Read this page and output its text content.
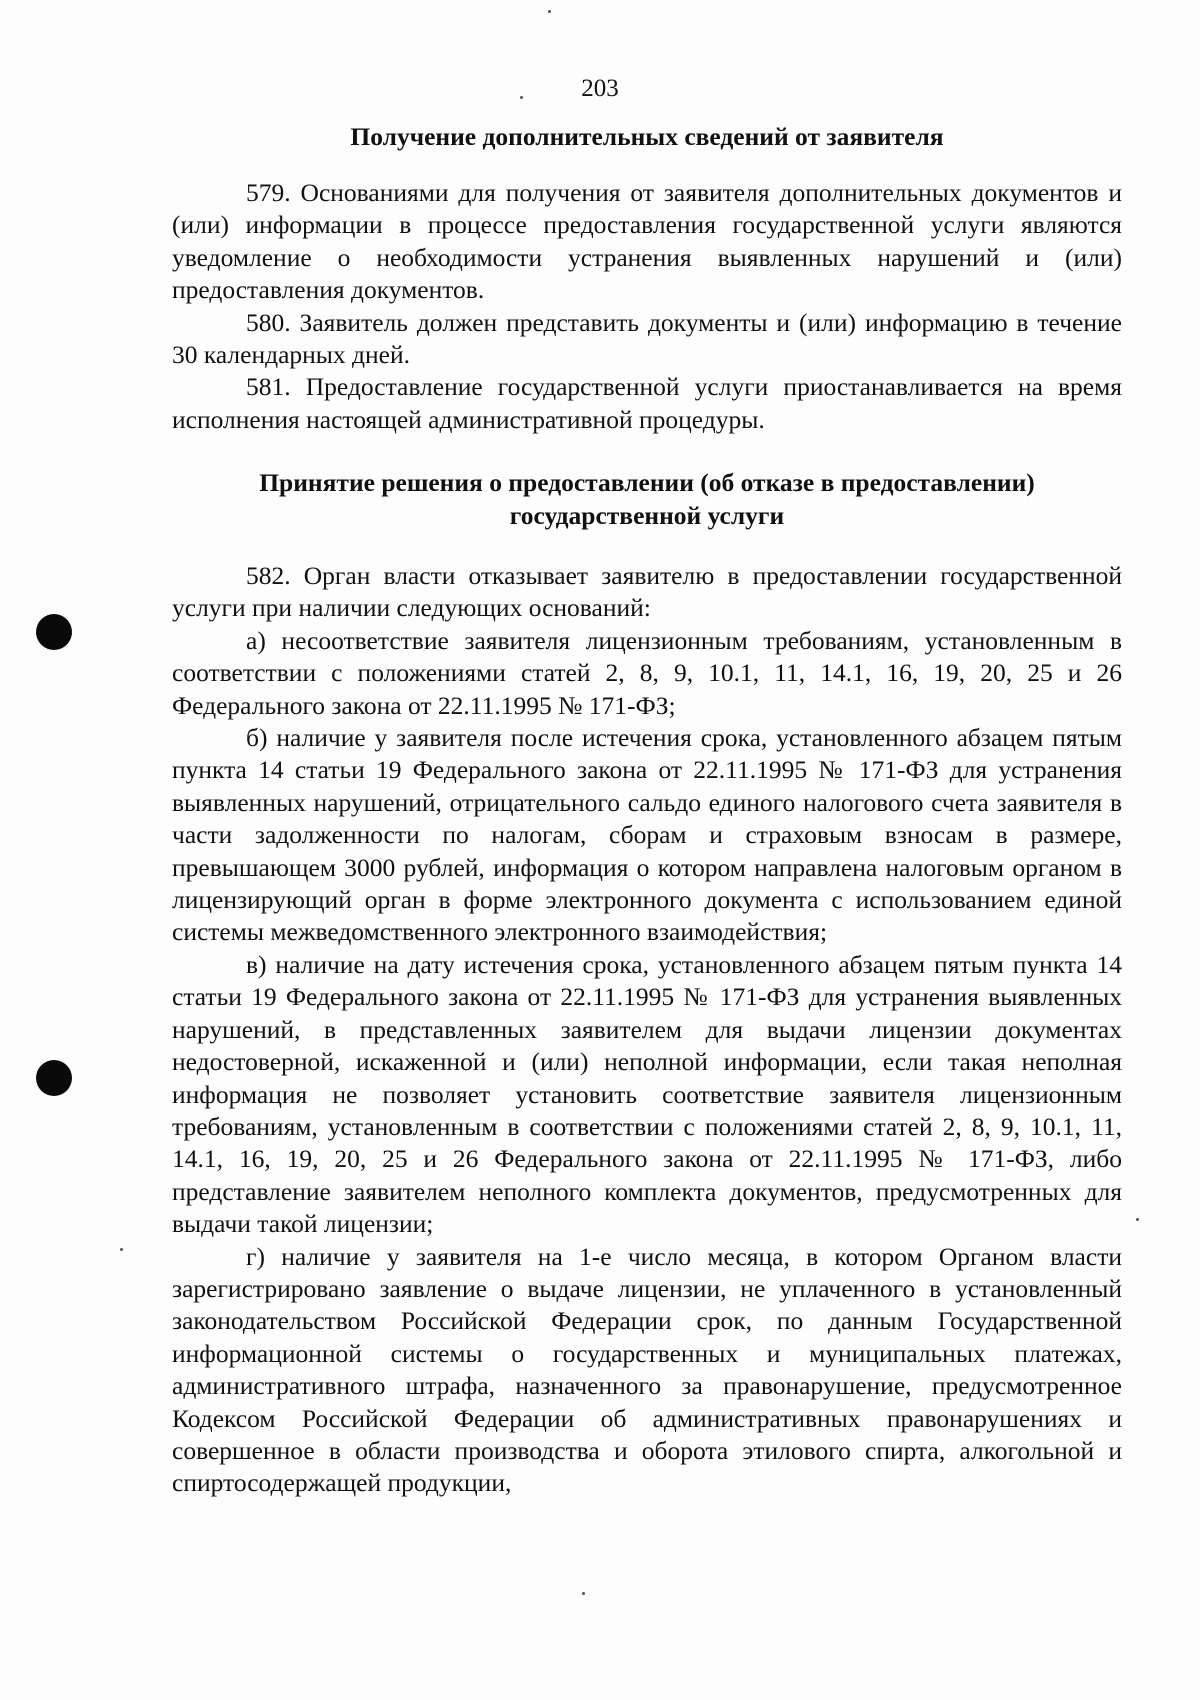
203
Получение дополнительных сведений от заявителя

579. Основаниями для получения от заявителя дополнительных документов и (или) информации в процессе предоставления государственной услуги являются уведомление о необходимости устранения выявленных нарушений и (или) предоставления документов.

580. Заявитель должен представить документы и (или) информацию в течение 30 календарных дней.

581. Предоставление государственной услуги приостанавливается на время исполнения настоящей административной процедуры.

Принятие решения о предоставлении (об отказе в предоставлении)
государственной услуги

582. Орган власти отказывает заявителю в предоставлении государственной услуги при наличии следующих оснований:

а) несоответствие заявителя лицензионным требованиям, установленным в соответствии с положениями статей 2, 8, 9, 10.1, 11, 14.1, 16, 19, 20, 25 и 26 Федерального закона от 22.11.1995 № 171-ФЗ;

б) наличие у заявителя после истечения срока, установленного абзацем пятым пункта 14 статьи 19 Федерального закона от 22.11.1995 № 171-ФЗ для устранения выявленных нарушений, отрицательного сальдо единого налогового счета заявителя в части задолженности по налогам, сборам и страховым взносам в размере, превышающем 3000 рублей, информация о котором направлена налоговым органом в лицензирующий орган в форме электронного документа с использованием единой системы межведомственного электронного взаимодействия;

в) наличие на дату истечения срока, установленного абзацем пятым пункта 14 статьи 19 Федерального закона от 22.11.1995 № 171-ФЗ для устранения выявленных нарушений, в представленных заявителем для выдачи лицензии документах недостоверной, искаженной и (или) неполной информации, если такая неполная информация не позволяет установить соответствие заявителя лицензионным требованиям, установленным в соответствии с положениями статей 2, 8, 9, 10.1, 11, 14.1, 16, 19, 20, 25 и 26 Федерального закона от 22.11.1995 № 171-ФЗ, либо представление заявителем неполного комплекта документов, предусмотренных для выдачи такой лицензии;

г) наличие у заявителя на 1-е число месяца, в котором Органом власти зарегистрировано заявление о выдаче лицензии, не уплаченного в установленный законодательством Российской Федерации срок, по данным Государственной информационной системы о государственных и муниципальных платежах, административного штрафа, назначенного за правонарушение, предусмотренное Кодексом Российской Федерации об административных правонарушениях и совершенное в области производства и оборота этилового спирта, алкогольной и спиртосодержащей продукции,
